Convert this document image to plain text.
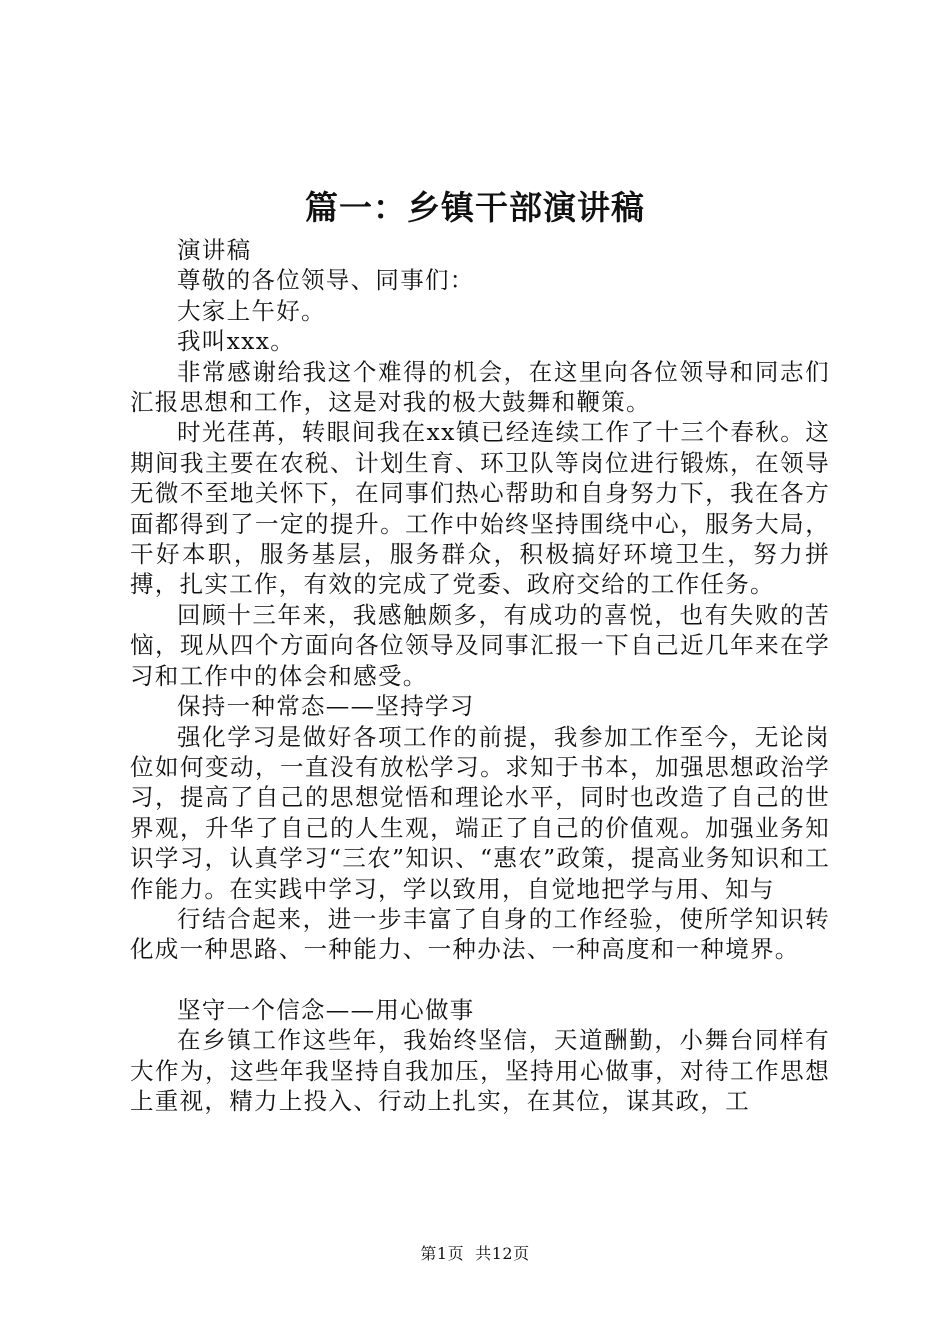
篇一：乡镇干部演讲稿

演讲稿

尊敬的各位领导、同事们：

大家上午好。

我叫xxx。

非常感谢给我这个难得的机会，在这里向各位领导和同志们汇报思想和工作，这是对我的极大鼓舞和鞭策。

时光荏苒，转眼间我在xx镇已经连续工作了十三个春秋。这期间我主要在农税、计划生育、环卫队等岗位进行锻炼，在领导无微不至地关怀下，在同事们热心帮助和自身努力下，我在各方面都得到了一定的提升。工作中始终坚持围绕中心，服务大局，干好本职，服务基层，服务群众，积极搞好环境卫生，努力拼搏，扎实工作，有效的完成了党委、政府交给的工作任务。

回顾十三年来，我感触颇多，有成功的喜悦，也有失败的苦恼，现从四个方面向各位领导及同事汇报一下自己近几年来在学习和工作中的体会和感受。

保持一种常态——坚持学习

强化学习是做好各项工作的前提，我参加工作至今，无论岗位如何变动，一直没有放松学习。求知于书本，加强思想政治学习，提高了自己的思想觉悟和理论水平，同时也改造了自己的世界观，升华了自己的人生观，端正了自己的价值观。加强业务知识学习，认真学习“三农”知识、“惠农”政策，提高业务知识和工作能力。在实践中学习，学以致用，自觉地把学与用、知与

行结合起来，进一步丰富了自身的工作经验，使所学知识转化成一种思路、一种能力、一种办法、一种高度和一种境界。

坚守一个信念——用心做事

在乡镇工作这些年，我始终坚信，天道酬勤，小舞台同样有大作为，这些年我坚持自我加压，坚持用心做事，对待工作思想上重视，精力上投入、行动上扎实，在其位，谋其政，工

第1页  共12页
